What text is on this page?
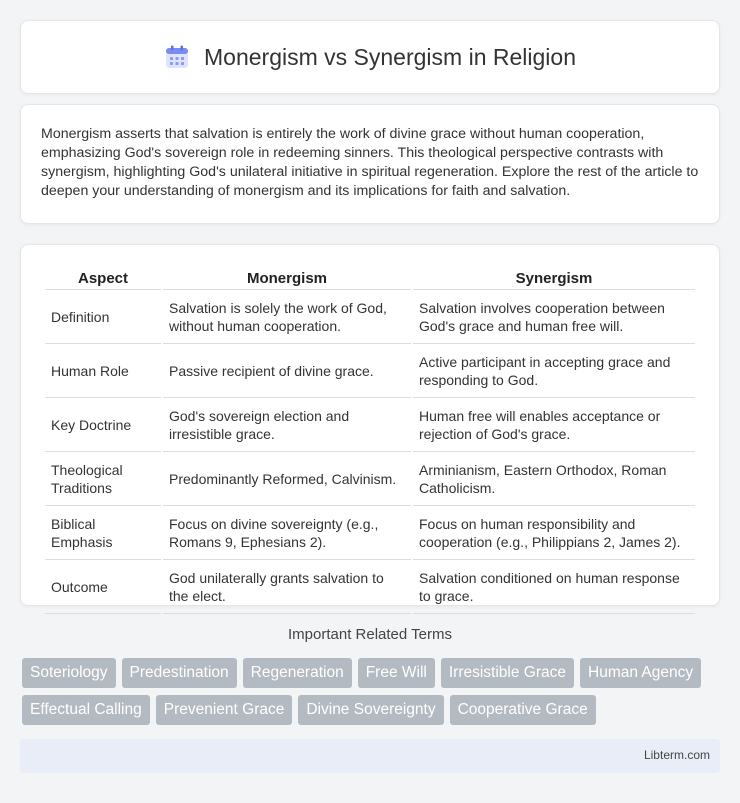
Monergism vs Synergism in Religion

Monergism asserts that salvation is entirely the work of divine grace without human cooperation, emphasizing God's sovereign role in redeeming sinners. This theological perspective contrasts with synergism, highlighting God's unilateral initiative in spiritual regeneration. Explore the rest of the article to deepen your understanding of monergism and its implications for faith and salvation.

Aspect	Monergism	Synergism
Definition	Salvation is solely the work of God, without human cooperation.	Salvation involves cooperation between God's grace and human free will.
Human Role	Passive recipient of divine grace.	Active participant in accepting grace and responding to God.
Key Doctrine	God's sovereign election and irresistible grace.	Human free will enables acceptance or rejection of God's grace.
Theological Traditions	Predominantly Reformed, Calvinism.	Arminianism, Eastern Orthodox, Roman Catholicism.
Biblical Emphasis	Focus on divine sovereignty (e.g., Romans 9, Ephesians 2).	Focus on human responsibility and cooperation (e.g., Philippians 2, James 2).
Outcome	God unilaterally grants salvation to the elect.	Salvation conditioned on human response to grace.
Important Related Terms
Soteriology	Predestination	Regeneration	Free Will	Irresistible Grace	Human Agency
Effectual Calling	Prevenient Grace	Divine Sovereignty	Cooperative Grace
Libterm.com
